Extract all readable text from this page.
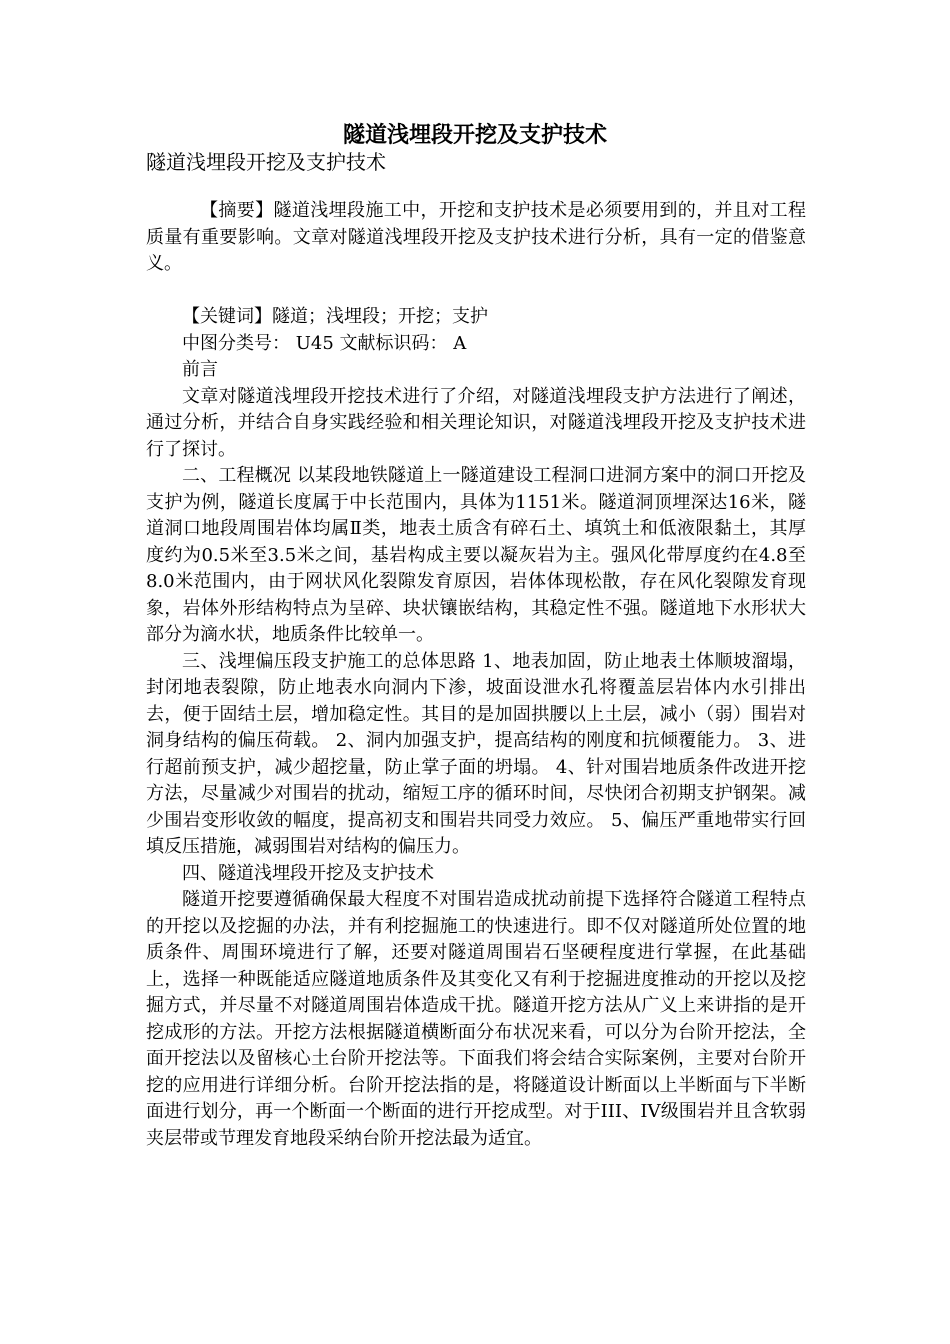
隧道浅埋段开挖及支护技术
隧道浅埋段开挖及支护技术

【摘要】隧道浅埋段施工中，开挖和支护技术是必须要用到的，并且对工程质量有重要影响。文章对隧道浅埋段开挖及支护技术进行分析，具有一定的借鉴意义。

【关键词】隧道；浅埋段；开挖；支护

中图分类号： U45 文献标识码： A

前言

文章对隧道浅埋段开挖技术进行了介绍，对隧道浅埋段支护方法进行了阐述，通过分析，并结合自身实践经验和相关理论知识，对隧道浅埋段开挖及支护技术进行了探讨。

二、工程概况 以某段地铁隧道上一隧道建设工程洞口进洞方案中的洞口开挖及支护为例，隧道长度属于中长范围内，具体为1151米。隧道洞顶埋深达16米，隧道洞口地段周围岩体均属Ⅱ类，地表土质含有碎石土、填筑土和低液限黏土，其厚度约为0.5米至3.5米之间，基岩构成主要以凝灰岩为主。强风化带厚度约在4.8至8.0米范围内，由于网状风化裂隙发育原因，岩体体现松散，存在风化裂隙发育现象，岩体外形结构特点为呈碎、块状镶嵌结构，其稳定性不强。隧道地下水形状大部分为滴水状，地质条件比较单一。

三、浅埋偏压段支护施工的总体思路 1、地表加固，防止地表土体顺坡溜塌，封闭地表裂隙，防止地表水向洞内下渗，坡面设泄水孔将覆盖层岩体内水引排出去，便于固结土层，增加稳定性。其目的是加固拱腰以上土层，减小（弱）围岩对洞身结构的偏压荷载。 2、洞内加强支护，提高结构的刚度和抗倾覆能力。 3、进行超前预支护，减少超挖量，防止掌子面的坍塌。 4、针对围岩地质条件改进开挖方法，尽量减少对围岩的扰动，缩短工序的循环时间，尽快闭合初期支护钢架。减少围岩变形收敛的幅度，提高初支和围岩共同受力效应。 5、偏压严重地带实行回填反压措施，减弱围岩对结构的偏压力。

四、隧道浅埋段开挖及支护技术

隧道开挖要遵循确保最大程度不对围岩造成扰动前提下选择符合隧道工程特点的开挖以及挖掘的办法，并有利挖掘施工的快速进行。即不仅对隧道所处位置的地质条件、周围环境进行了解，还要对隧道周围岩石坚硬程度进行掌握，在此基础上，选择一种既能适应隧道地质条件及其变化又有利于挖掘进度推动的开挖以及挖掘方式，并尽量不对隧道周围岩体造成干扰。隧道开挖方法从广义上来讲指的是开挖成形的方法。开挖方法根据隧道横断面分布状况来看，可以分为台阶开挖法，全面开挖法以及留核心土台阶开挖法等。下面我们将会结合实际案例，主要对台阶开挖的应用进行详细分析。台阶开挖法指的是，将隧道设计断面以上半断面与下半断面进行划分，再一个断面一个断面的进行开挖成型。对于III、IV级围岩并且含软弱夹层带或节理发育地段采纳台阶开挖法最为适宜。
